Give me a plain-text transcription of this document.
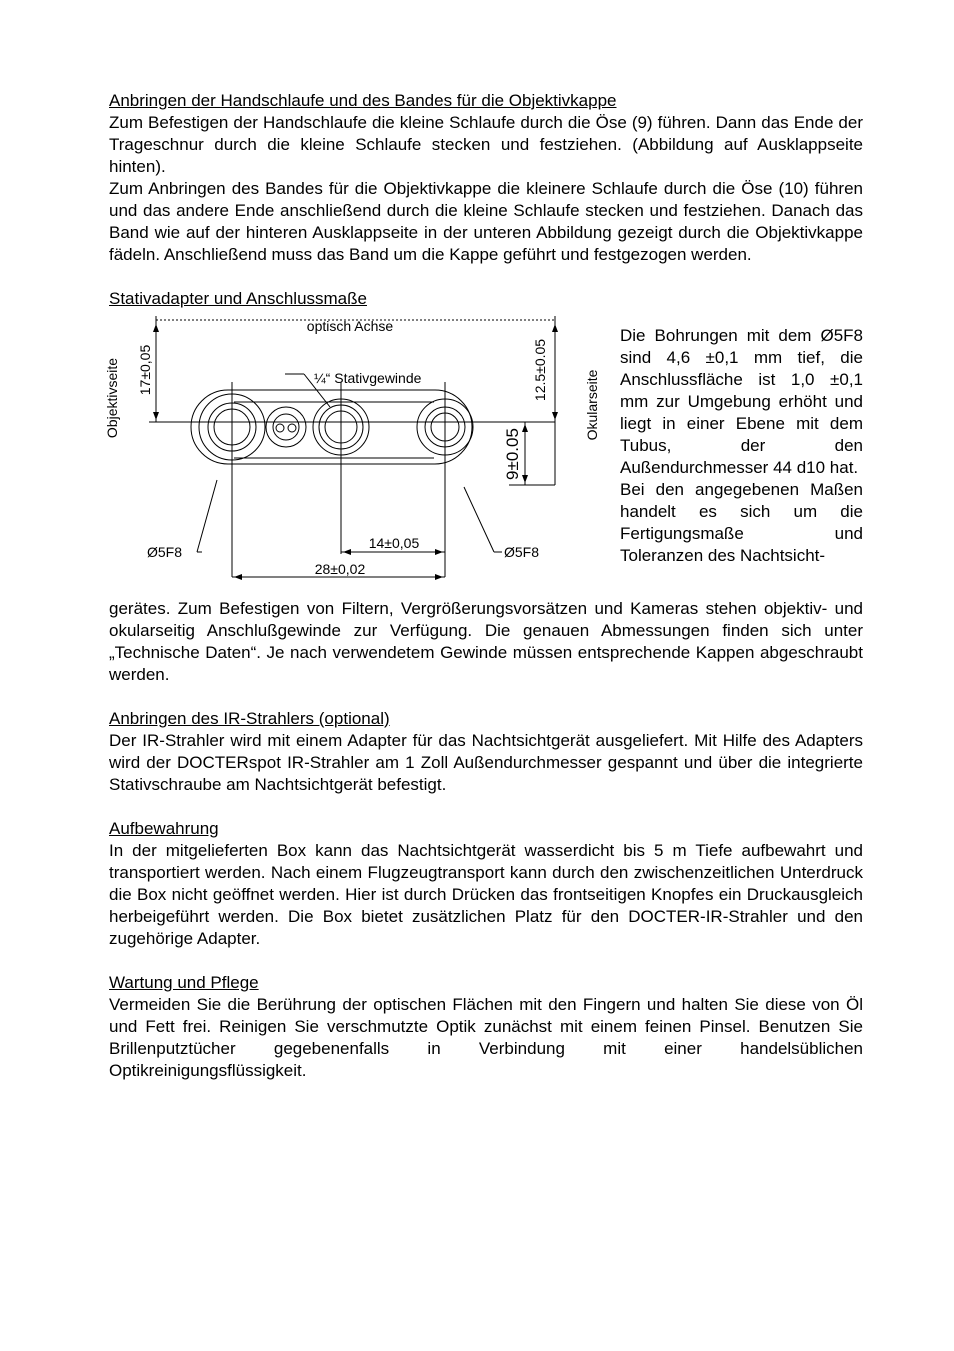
Anbringen der Handschlaufe und des Bandes für die Objektivkappe

Zum Befestigen der Handschlaufe die kleine Schlaufe durch die Öse (9) führen. Dann das Ende der Trageschnur durch die kleine Schlaufe stecken und festziehen. (Abbildung auf Ausklappseite hinten).

Zum Anbringen des Bandes für die Objektivkappe die kleinere Schlaufe durch die Öse (10) führen und das andere Ende anschließend durch die kleine Schlaufe stecken und festziehen. Danach das Band wie auf der hinteren Ausklappseite in der unteren Abbildung gezeigt durch die Objektivkappe fädeln. Anschließend muss das Band um die Kappe geführt und festgezogen werden.

Stativadapter und Anschlussmaße

optisch Achse
Objektivseite 17±0,05	12.5±0.05
9±0.05
Okularseite
¼“ Stativgewinde
Ø5F8	Ø5F8
14±0,05
28±0,02

Die Bohrungen mit dem Ø5F8 sind 4,6 ±0,1 mm tief, die Anschlussfläche ist 1,0 ±0,1 mm zur Umgebung erhöht und liegt in einer Ebene mit dem Tubus, der den Außendurchmesser 44 d10 hat.

Bei den angegebenen Maßen handelt es sich um die Fertigungsmaße und Toleranzen des Nachtsicht-

gerätes. Zum Befestigen von Filtern, Vergrößerungsvorsätzen und Kameras stehen objektiv- und okularseitig Anschlußgewinde zur Verfügung. Die genauen Abmessungen finden sich unter „Technische Daten“. Je nach verwendetem Gewinde müssen entsprechende Kappen abgeschraubt werden.

Anbringen des IR-Strahlers (optional)

Der IR-Strahler wird mit einem Adapter für das Nachtsichtgerät ausgeliefert. Mit Hilfe des Adapters wird der DOCTERspot IR-Strahler am 1 Zoll Außendurchmesser gespannt und über die integrierte Stativschraube am Nachtsichtgerät befestigt.

Aufbewahrung

In der mitgelieferten Box kann das Nachtsichtgerät wasserdicht bis 5 m Tiefe aufbewahrt und transportiert werden. Nach einem Flugzeugtransport kann durch den zwischenzeitlichen Unterdruck die Box nicht geöffnet werden. Hier ist durch Drücken das frontseitigen Knopfes ein Druckausgleich herbeigeführt werden. Die Box bietet zusätzlichen Platz für den DOCTER-IR-Strahler und den zugehörige Adapter.

Wartung und Pflege

Vermeiden Sie die Berührung der optischen Flächen mit den Fingern und halten Sie diese von Öl und Fett frei. Reinigen Sie verschmutzte Optik zunächst mit einem feinen Pinsel. Benutzen Sie Brillenputztücher gegebenenfalls in Verbindung mit einer handelsüblichen Optikreinigungsflüssigkeit.
